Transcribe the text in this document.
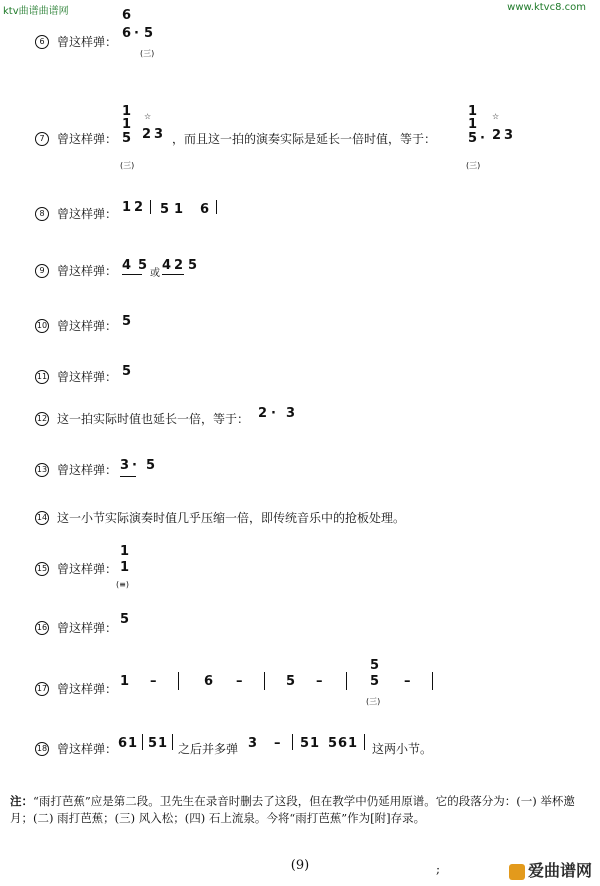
ktv曲谱曲谱网	www.ktvc8.com
6 曾这样弹：
6
6 · 5
(三)
7 曾这样弹：
1
1
5
☆
2 3
(三)
，而且这一拍的演奏实际是延长一倍时值，等于：
1
1
5 ·
☆
2 3
(三)
8 曾这样弹： 1 2 5 1 6
9 曾这样弹： 4 5
或
4 2 5
10 曾这样弹： 5
11 曾这样弹： 5
12 这一拍实际时值也延长一倍，等于： 2 · 3
13 曾这样弹： 3 · 5
14 这一小节实际演奏时值几乎压缩一倍，即传统音乐中的抢板处理。
15 曾这样弹：
1
1
(≡)
16 曾这样弹：
5
17 曾这样弹： 1 –	6 –	5 –
5
5
(三)
–
18 曾这样弹： 6 1 5 1 之后并多弹 3 – 5 1 5 6 1 这两小节。
注：“雨打芭蕉”应是第二段。卫先生在录音时删去了这段，但在教学中仍延用原谱。它的段落分为：(一) 举杯邀月；(二) 雨打芭蕉；(三) 风入松；(四) 石上流泉。今将“雨打芭蕉”作为[附]存录。
(9)	;	爱曲谱网
